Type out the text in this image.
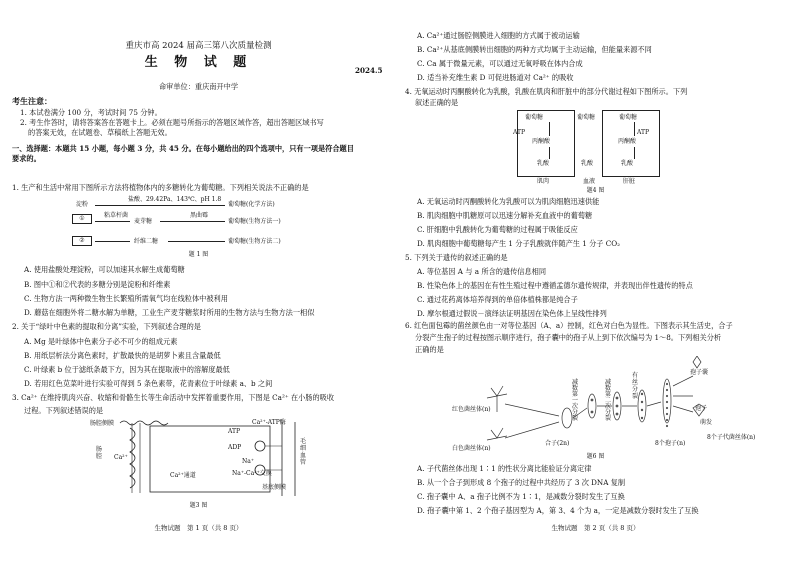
重庆市高 2024 届高三第八次质量检测
生 物 试 题
2024.5
命审单位：重庆南开中学
考生注意：
1. 本试卷满分 100 分，考试时间 75 分钟。
2. 考生作答时，请将答案答在答题卡上。必须在题号所指示的答题区域作答，超出答题区域书写
的答案无效，在试题卷、草稿纸上答题无效。
一、选择题：本题共 15 小题，每小题 3 分，共 45 分。在每小题给出的四个选项中，只有一项是符合题目
要求的。
1. 生产和生活中常用下图所示方法将植物体内的多糖转化为葡萄糖。下列相关说法不正确的是
淀粉
盐酸、29.42Pa、143℃、pH 1.8
葡萄糖(化学方法)
①	粘草杆菌	黑曲霉
麦芽糖	葡萄糖(生物方法一)
②	纤维二糖	葡萄糖(生物方法二)
题 1 图
A. 使用盐酸处理淀粉，可以加速其水解生成葡萄糖
B. 图中①和②代表的多糖分别是淀粉和纤维素
C. 生物方法一两种微生物生长繁殖所需氧气均在线粒体中被利用
D. 蘑菇在细胞外将二糖水解为单糖，工业生产麦芽糖浆时所用的生物方法与生物方法一相似
2. 关于“绿叶中色素的提取和分离”实验，下列叙述合理的是
A. Mg 是叶绿体中色素分子必不可少的组成元素
B. 用纸层析法分离色素时，扩散最快的是胡萝卜素且含量最低
C. 叶绿素 b 位于滤纸条最下方，因为其在提取液中的溶解度最低
D. 若用红色苋菜叶进行实验可得到 5 条色素带，花青素位于叶绿素 a、b 之间
3. Ca²⁺ 在维持肌肉兴奋、收缩和骨骼生长等生命活动中发挥着重要作用，下图是 Ca²⁺ 在小肠的吸收
过程。下列叙述错误的是
肠腔侧膜
肠腔	Ca²⁺
Ca²⁺通道
ATP
ADP
Ca²⁺-ATP酶
Na⁺
Na⁺-Ca²⁺交换
基底侧膜
毛细血管
题3 图
生物试题　第 1 页（共 8 页）
A. Ca²⁺通过肠腔侧膜进入细胞的方式属于被动运输
B. Ca²⁺从基底侧膜转出细胞的两种方式均属于主动运输，但能量来源不同
C. Ca 属于微量元素，可以通过无氧呼吸在体内合成
D. 适当补充维生素 D 可促进肠道对 Ca²⁺ 的吸收
4. 无氧运动时丙酮酸转化为乳酸，乳酸在肌肉和肝脏中的部分代谢过程如下图所示。下列
叙述正确的是
葡萄糖	葡萄糖	葡萄糖
ATP	ATP
丙酮酸	丙酮酸
乳酸	乳酸	乳酸
肌肉	血液	肝脏
题4 图
A. 无氧运动时丙酮酸转化为乳酸可以为肌肉细胞迅速供能
B. 肌肉细胞中肌糖原可以迅速分解补充血液中的葡萄糖
C. 肝细胞中乳酸转化为葡萄糖的过程属于吸能反应
D. 肌肉细胞中葡萄糖每产生 1 分子乳酸就伴随产生 1 分子 CO₂
5. 下列关于遗传的叙述正确的是
A. 等位基因 A 与 a 所含的遗传信息相同
B. 性染色体上的基因在有性生殖过程中遵循孟德尔遗传规律，并表现出伴性遗传的特点
C. 通过花药离体培养得到的单倍体植株都是纯合子
D. 摩尔根通过假说－演绎法证明基因在染色体上呈线性排列
6. 红色面包霉的菌丝颜色由一对等位基因（A、a）控制，红色对白色为显性。下图表示其生活史，合子
分裂产生孢子的过程按图示顺序进行，孢子囊中的孢子从上到下依次编号为 1～8。下列相关分析
正确的是
红色菌丝体(n)
白色菌丝体(n)
合子(2n)
减数第一次分裂
减数第二次分裂
有丝分裂
孢子囊
孢子
萌发
8个孢子(n)
8个子代菌丝体(n)
题6 图
A. 子代菌丝体出现 1∶1 的性状分离比能验证分离定律
B. 从一个合子到形成 8 个孢子的过程中共经历了 3 次 DNA 复制
C. 孢子囊中 A、a 孢子比例不为 1∶1，是减数分裂时发生了互换
D. 孢子囊中第 1、2 个孢子基因型为 A，第 3、4 个为 a，一定是减数分裂时发生了互换
生物试题　第 2 页（共 8 页）
